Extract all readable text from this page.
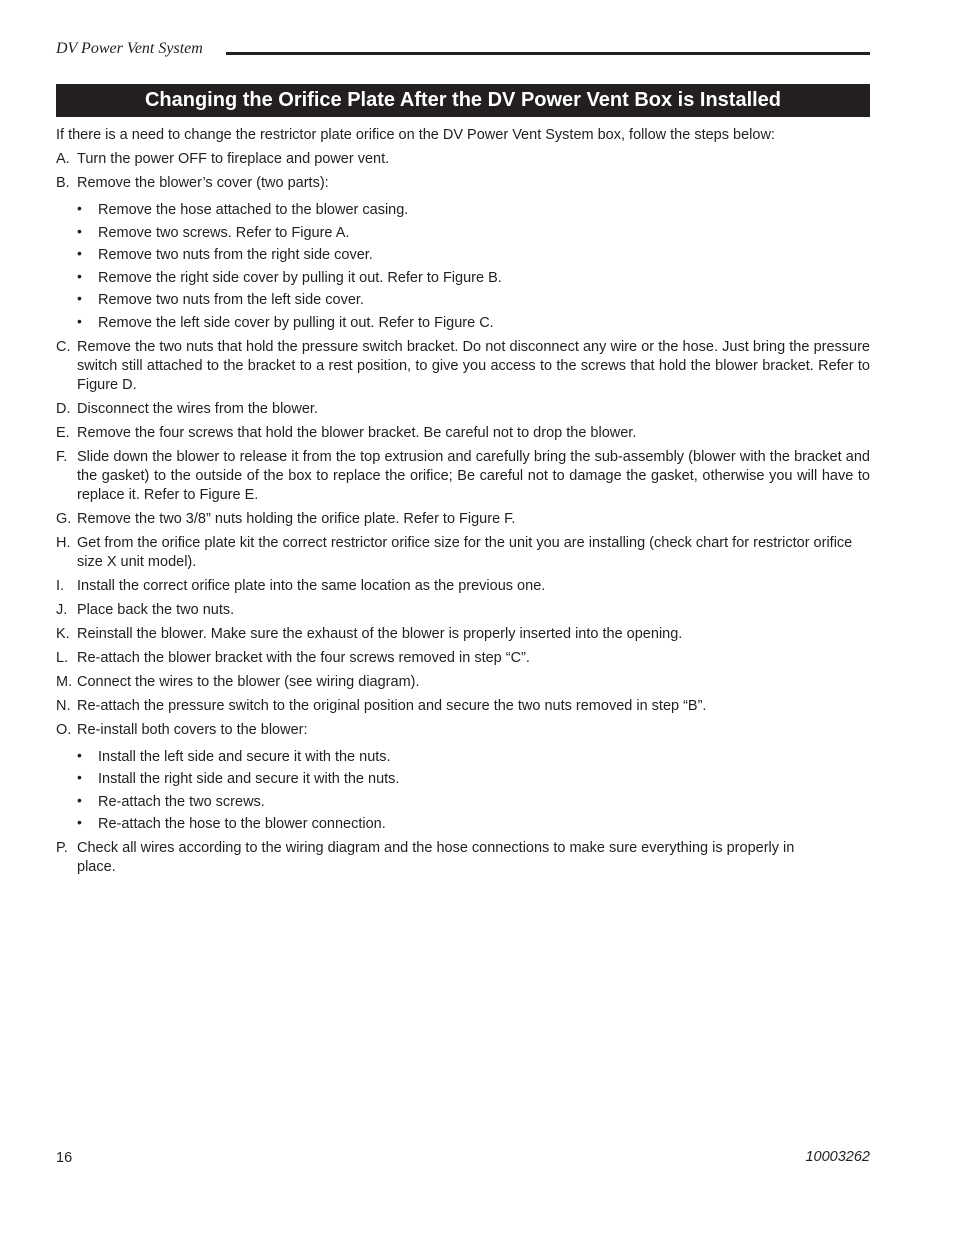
DV Power Vent System
Changing the Orifice Plate After the DV Power Vent Box is Installed

If there is a need to change the restrictor plate orifice on the DV Power Vent System box, follow the steps below:

A. Turn the power OFF to fireplace and power vent.
B. Remove the blower’s cover (two parts):
•	Remove the hose attached to the blower casing.
•	Remove two screws. Refer to Figure A.
•	Remove two nuts from the right side cover.
•	Remove the right side cover by pulling it out. Refer to Figure B.
•	Remove two nuts from the left side cover.
•	Remove the left side cover by pulling it out. Refer to Figure C.
C. Remove the two nuts that hold the pressure switch bracket. Do not disconnect any wire or the hose. Just bring the pressure switch still attached to the bracket to a rest position, to give you access to the screws that hold the blower bracket. Refer to Figure D.
D. Disconnect the wires from the blower.
E. Remove the four screws that hold the blower bracket. Be careful not to drop the blower.
F. Slide down the blower to release it from the top extrusion and carefully bring the sub-assembly (blower with the bracket and the gasket) to the outside of the box to replace the orifice; Be careful not to damage the gasket, otherwise you will have to replace it. Refer to Figure E.
G. Remove the two 3/8” nuts holding the orifice plate. Refer to Figure F.
H. Get from the orifice plate kit the correct restrictor orifice size for the unit you are installing (check chart for restrictor orifice size X unit model).
I. Install the correct orifice plate into the same location as the previous one.
J. Place back the two nuts.
K. Reinstall the blower. Make sure the exhaust of the blower is properly inserted into the opening.
L. Re-attach the blower bracket with the four screws removed in step “C”.
M. Connect the wires to the blower (see wiring diagram).
N. Re-attach the pressure switch to the original position and secure the two nuts removed in step “B”.
O. Re-install both covers to the blower:
•	Install the left side and secure it with the nuts.
•	Install the right side and secure it with the nuts.
•	Re-attach the two screws.
•	Re-attach the hose to the blower connection.
P. Check all wires according to the wiring diagram and the hose connections to make sure everything is properly in place.
16	10003262
